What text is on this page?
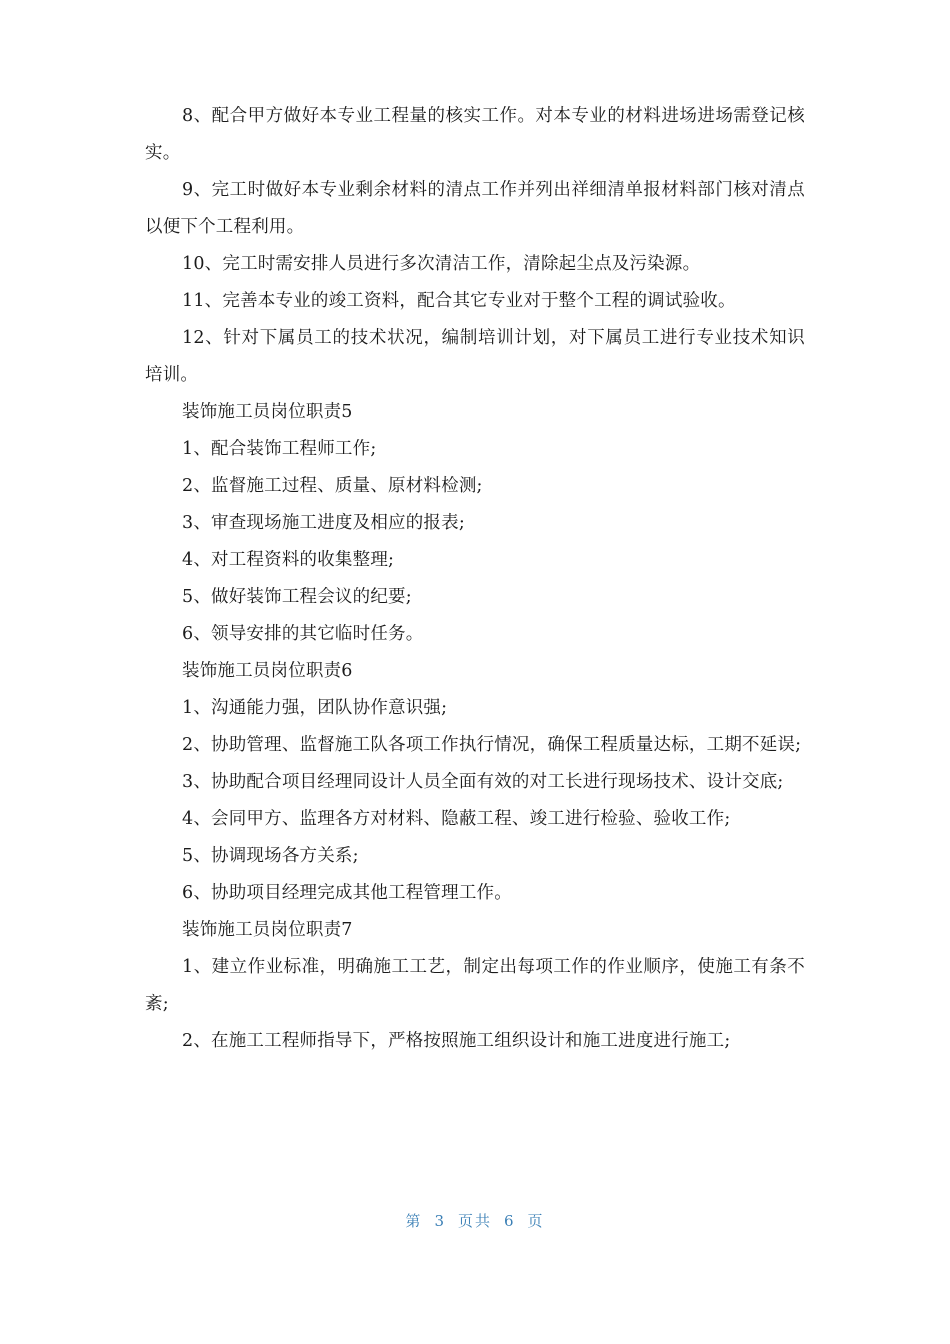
8、配合甲方做好本专业工程量的核实工作。对本专业的材料进场进场需登记核实。

9、完工时做好本专业剩余材料的清点工作并列出祥细清单报材料部门核对清点以便下个工程利用。

10、完工时需安排人员进行多次清洁工作，清除起尘点及污染源。

11、完善本专业的竣工资料，配合其它专业对于整个工程的调试验收。

12、针对下属员工的技术状况，编制培训计划，对下属员工进行专业技术知识培训。

装饰施工员岗位职责5

1、配合装饰工程师工作;

2、监督施工过程、质量、原材料检测;

3、审查现场施工进度及相应的报表;

4、对工程资料的收集整理;

5、做好装饰工程会议的纪要;

6、领导安排的其它临时任务。

装饰施工员岗位职责6

1、沟通能力强，团队协作意识强;

2、协助管理、监督施工队各项工作执行情况，确保工程质量达标，工期不延误;

3、协助配合项目经理同设计人员全面有效的对工长进行现场技术、设计交底;

4、会同甲方、监理各方对材料、隐蔽工程、竣工进行检验、验收工作;

5、协调现场各方关系;

6、协助项目经理完成其他工程管理工作。

装饰施工员岗位职责7

1、建立作业标准，明确施工工艺，制定出每项工作的作业顺序，使施工有条不紊;

2、在施工工程师指导下，严格按照施工组织设计和施工进度进行施工;

第 3 页共 6 页
